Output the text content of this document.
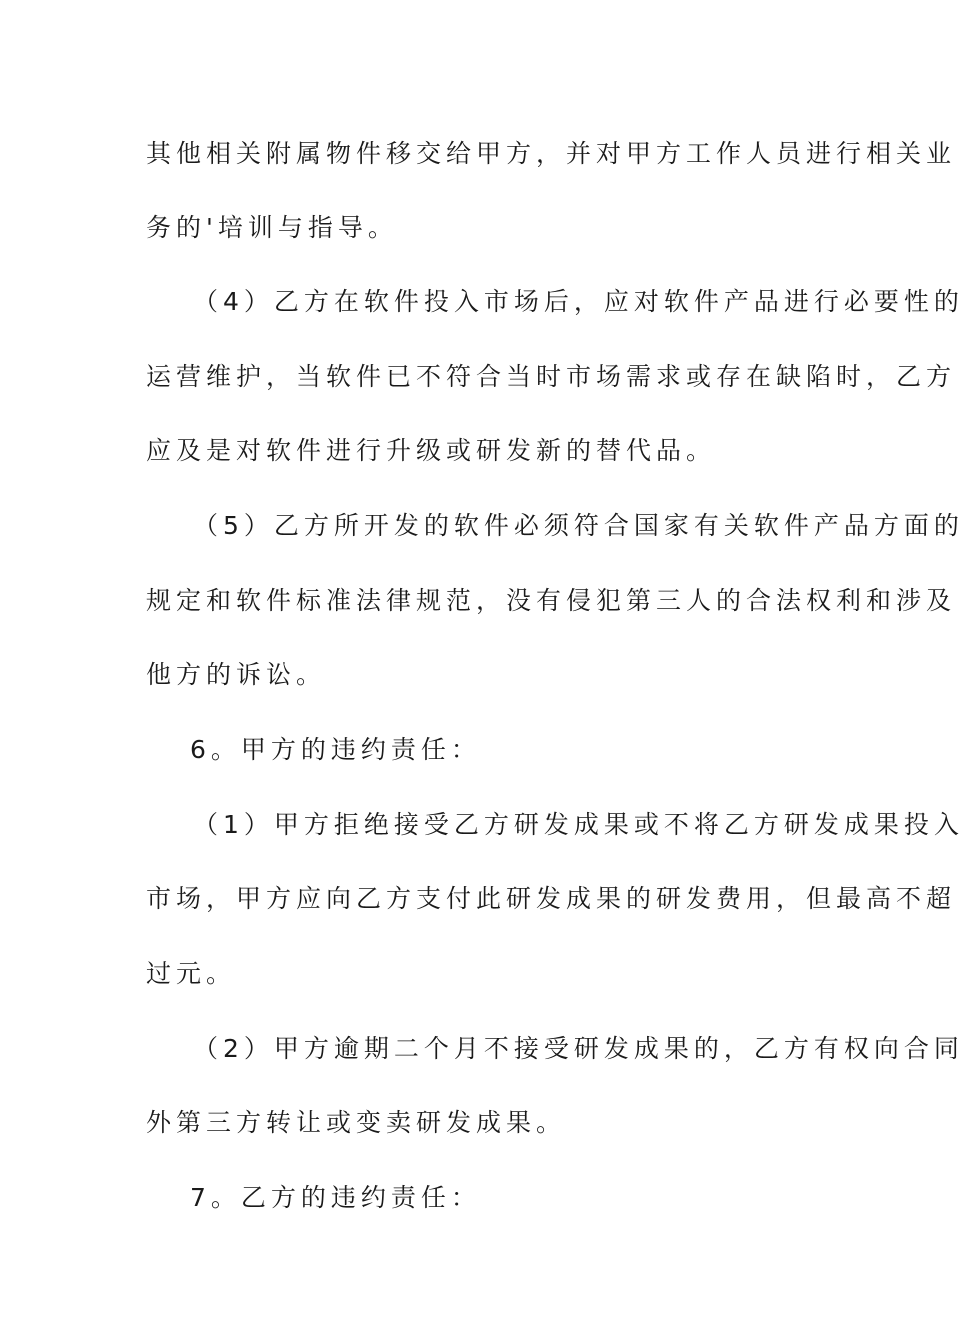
其他相关附属物件移交给甲方，并对甲方工作人员进行相关业
务的'培训与指导。
（4）乙方在软件投入市场后，应对软件产品进行必要性的
运营维护，当软件已不符合当时市场需求或存在缺陷时，乙方
应及是对软件进行升级或研发新的替代品。
（5）乙方所开发的软件必须符合国家有关软件产品方面的
规定和软件标准法律规范，没有侵犯第三人的合法权利和涉及
他方的诉讼。
6。甲方的违约责任：
（1）甲方拒绝接受乙方研发成果或不将乙方研发成果投入
市场，甲方应向乙方支付此研发成果的研发费用，但最高不超
过元。
（2）甲方逾期二个月不接受研发成果的，乙方有权向合同
外第三方转让或变卖研发成果。
7。乙方的违约责任：
